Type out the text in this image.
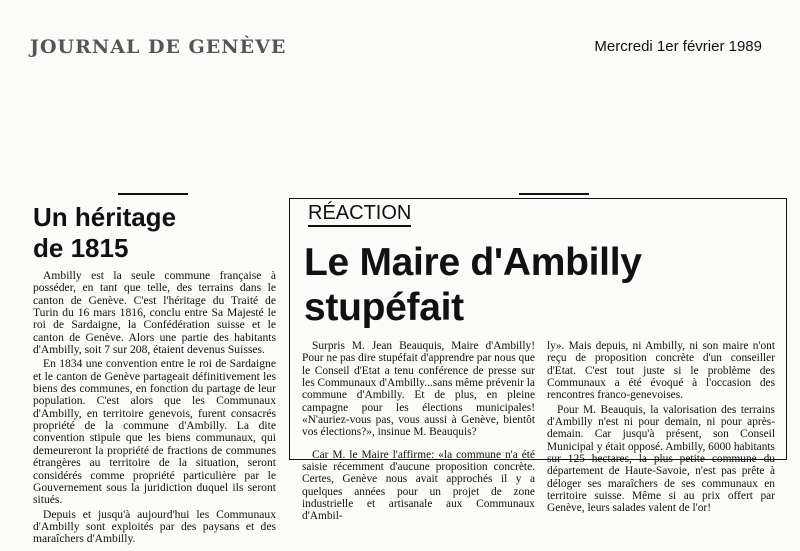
JOURNAL DE GENÈVE	Mercredi 1er février 1989
Un héritage
de 1815

Ambilly est la seule commune française à posséder, en tant que telle, des terrains dans le canton de Genève. C'est l'héritage du Traité de Turin du 16 mars 1816, conclu entre Sa Majesté le roi de Sardaigne, la Confédération suisse et le canton de Genève. Alors une partie des habitants d'Ambilly, soit 7 sur 208, étaient devenus Suisses.

En 1834 une convention entre le roi de Sardaigne et le canton de Genève partageait définitivement les biens des communes, en fonction du partage de leur population. C'est alors que les Communaux d'Ambilly, en territoire genevois, furent consacrés propriété de la commune d'Ambilly. La dite convention stipule que les biens communaux, qui demeureront la propriété de fractions de communes étrangères au territoire de la situation, seront considérés comme propriété particulière par le Gouvernement sous la juridiction duquel ils seront situés.

Depuis et jusqu'à aujourd'hui les Communaux d'Ambilly sont exploités par des paysans et des maraîchers d'Ambilly.

RÉACTION
Le Maire d'Ambilly
stupéfait

Surpris M. Jean Beauquis, Maire d'Ambilly! Pour ne pas dire stupéfait d'apprendre par nous que le Conseil d'Etat a tenu conférence de presse sur les Communaux d'Ambilly...sans même prévenir la commune d'Ambilly. Et de plus, en pleine campagne pour les élections municipales! «N'auriez-vous pas, vous aussi à Genève, bientôt vos élections?», insinue M. Beauquis?

Car M. le Maire l'affirme: «la commune n'a été saisie récemment d'aucune proposition concrète. Certes, Genève nous avait approchés il y a quelques années pour un projet de zone industrielle et artisanale aux Communaux d'Ambil-

ly». Mais depuis, ni Ambilly, ni son maire n'ont reçu de proposition concrète d'un conseiller d'Etat. C'est tout juste si le problème des Communaux a été évoqué à l'occasion des rencontres franco-genevoises.

Pour M. Beauquis, la valorisation des terrains d'Ambilly n'est ni pour demain, ni pour après-demain. Car jusqu'à présent, son Conseil Municipal y était opposé. Ambilly, 6000 habitants sur 125 hectares, la plus petite commune du département de Haute-Savoie, n'est pas prête à déloger ses maraîchers de ses communaux en territoire suisse. Même si au prix offert par Genève, leurs salades valent de l'or!
